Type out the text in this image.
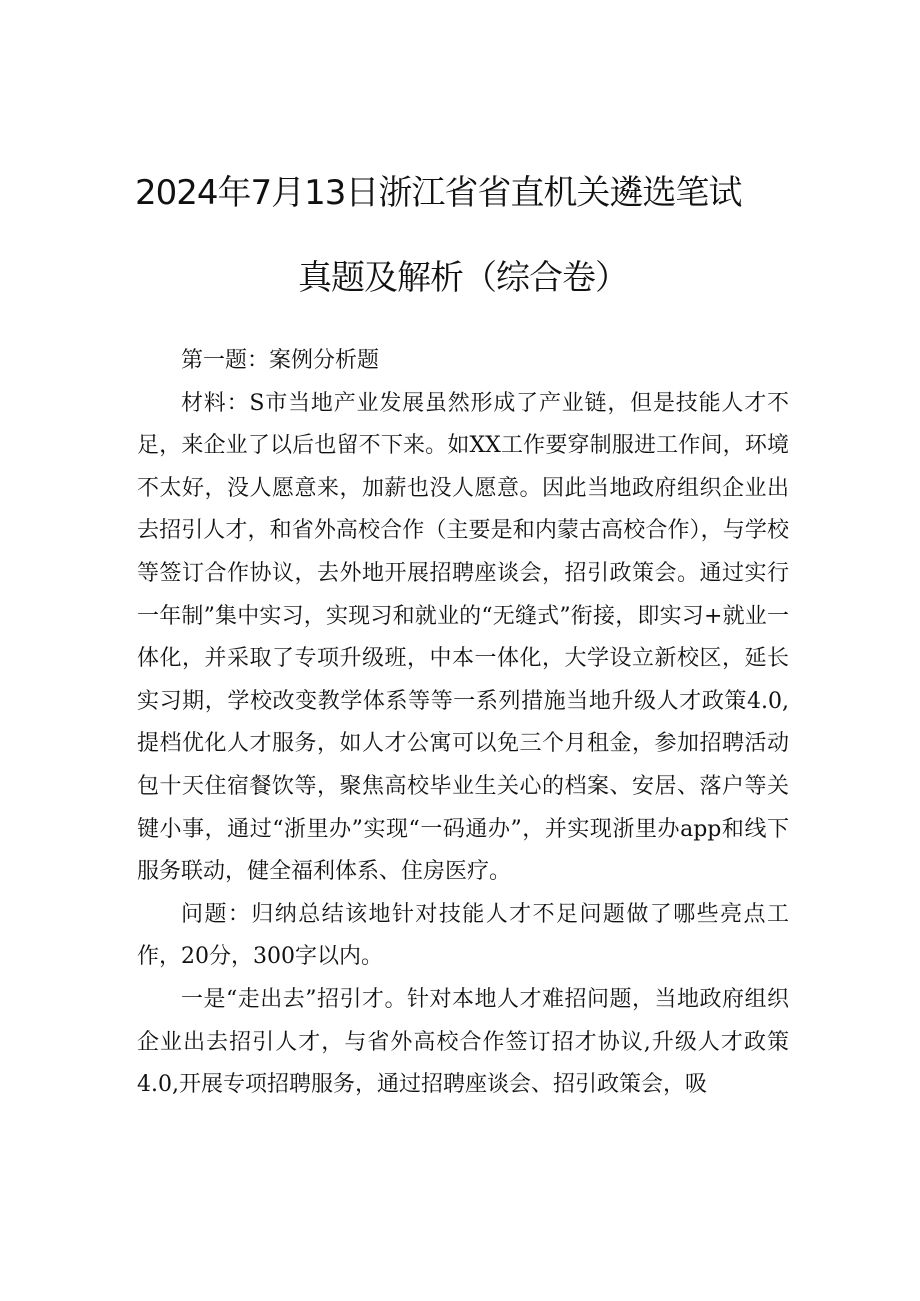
2024年7月13日浙江省省直机关遴选笔试
真题及解析（综合卷）

第一题：案例分析题

材料：S市当地产业发展虽然形成了产业链，但是技能人才不足，来企业了以后也留不下来。如XX工作要穿制服进工作间，环境不太好，没人愿意来，加薪也没人愿意。因此当地政府组织企业出去招引人才，和省外高校合作（主要是和内蒙古高校合作），与学校等签订合作协议，去外地开展招聘座谈会，招引政策会。通过实行一年制”集中实习，实现习和就业的“无缝式”衔接，即实习+就业一体化，并采取了专项升级班，中本一体化，大学设立新校区，延长实习期，学校改变教学体系等等一系列措施当地升级人才政策4.0,提档优化人才服务，如人才公寓可以免三个月租金，参加招聘活动包十天住宿餐饮等，聚焦高校毕业生关心的档案、安居、落户等关键小事，通过“浙里办”实现“一码通办”，并实现浙里办app和线下服务联动，健全福利体系、住房医疗。

问题：归纳总结该地针对技能人才不足问题做了哪些亮点工作，20分，300字以内。

一是“走出去”招引才。针对本地人才难招问题，当地政府组织企业出去招引人才，与省外高校合作签订招才协议,升级人才政策4.0,开展专项招聘服务，通过招聘座谈会、招引政策会，吸
